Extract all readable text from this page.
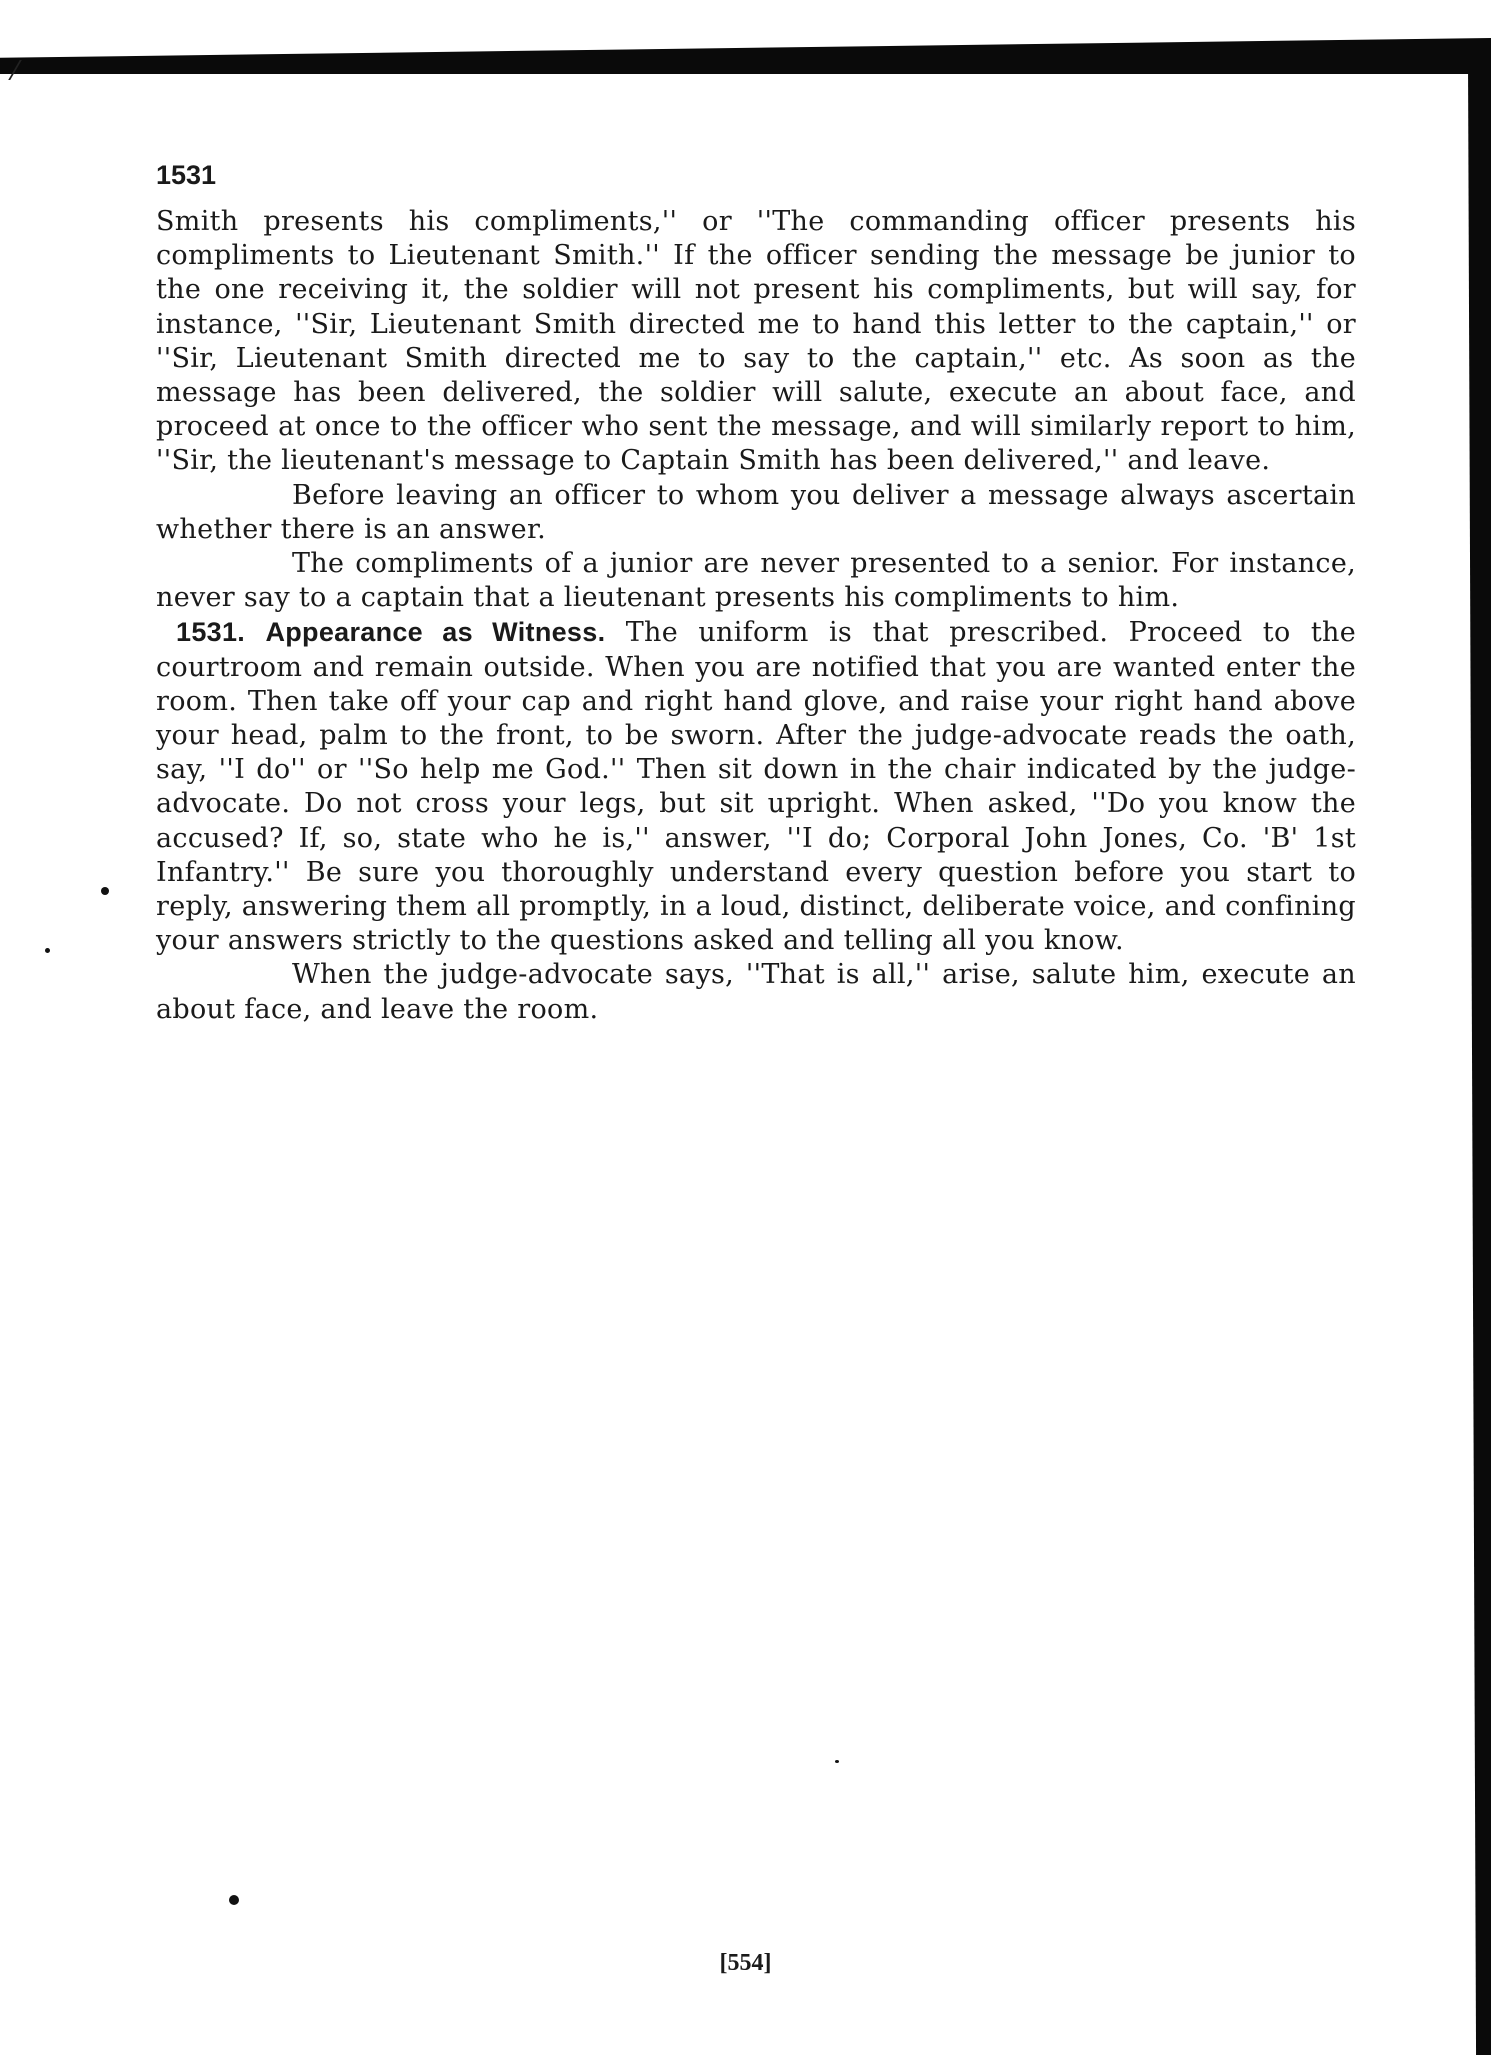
1531

Smith presents his compliments,'' or ''The commanding officer presents his compliments to Lieutenant Smith.'' If the officer sending the message be junior to the one receiving it, the soldier will not present his compliments, but will say, for instance, ''Sir, Lieutenant Smith directed me to hand this letter to the captain,'' or ''Sir, Lieutenant Smith directed me to say to the captain,'' etc. As soon as the message has been delivered, the soldier will salute, execute an about face, and proceed at once to the officer who sent the message, and will similarly report to him, ''Sir, the lieutenant's message to Captain Smith has been delivered,'' and leave.

Before leaving an officer to whom you deliver a message always ascertain whether there is an answer.

The compliments of a junior are never presented to a senior. For instance, never say to a captain that a lieutenant presents his compliments to him.

1531. Appearance as Witness. The uniform is that prescribed. Proceed to the courtroom and remain outside. When you are notified that you are wanted enter the room. Then take off your cap and right hand glove, and raise your right hand above your head, palm to the front, to be sworn. After the judge-advocate reads the oath, say, ''I do'' or ''So help me God.'' Then sit down in the chair indicated by the judge-advocate. Do not cross your legs, but sit upright. When asked, ''Do you know the accused? If, so, state who he is,'' answer, ''I do; Corporal John Jones, Co. 'B' 1st Infantry.'' Be sure you thoroughly understand every question before you start to reply, answering them all promptly, in a loud, distinct, deliberate voice, and confining your answers strictly to the questions asked and telling all you know.

When the judge-advocate says, ''That is all,'' arise, salute him, execute an about face, and leave the room.

[554]
